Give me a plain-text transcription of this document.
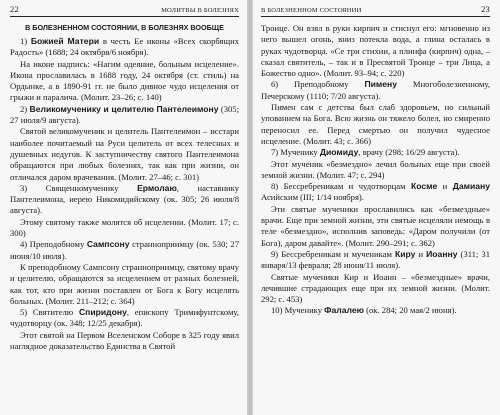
22	МОЛИТВЫ В БОЛЕЗНЯХ
В БОЛЕЗНЕННОМ СОСТОЯНИИ, В БОЛЕЗНЯХ ВООБЩЕ

1) Божией Матери в честь Ее иконы «Всех скорбящих Радость» (1688; 24 октября/6 ноября).

На иконе надпись: «Нагим одеяние, больным исцеление». Икона прославилась в 1688 году, 24 октября (ст. стиль) на Ордынке, а в 1890-91 гг. не было дивное чудо исцеления от грыжи и паралича. (Молит. 23–26; с. 140)

2) Великомученику и целителю Пантелеимону (305; 27 июля/9 августа).

Святой великомученик и целитель Пантелеимон – исстари наиболее почитаемый на Руси целитель от всех телесных и душевных недугов. К заступничеству святого Пантелеимона обращаются при любых болезнях, так как при жизни, он отличался даром врачевания. (Молит. 27–46; с. 301)

3) Священномученику Ермолаю, наставнику Пантелеимона, иерею Никомидийскому (ок. 305; 26 июля/8 августа).

Этому святому также молятся об исцелении. (Молит. 17; с. 300)

4) Преподобному Сампсону странноприимцу (ок. 530; 27 июня/10 июля).

К преподобному Сампсону странноприимцу, святому врачу и целителю, обращаются за исцелением от разных болезней, как тот, кто при жизни поставлен от Бога к Богу исцелять больных. (Молит. 211–212; с. 364)

5) Святителю Спиридону, епископу Тримифунтскому, чудотворцу (ок. 348; 12/25 декабря).

Этот святой на Первом Вселенском Соборе в 325 году явил наглядное доказательство Единства в Святой

В БОЛЕЗНЕННОМ СОСТОЯНИИ	23

Троице. Он взял в руки кирпич и стиснул его: мгновенно из него вышел огонь, вниз потекла вода, а глина осталась в руках чудотворца. «Се три стихии, а плинфа (кирпич) одна, – сказал святитель, – так и в Пресвятой Троице – три Лица, а Божество одно». (Молит. 93–94; с. 220)

6) Преподобному Пимену Многоболезненному, Печерскому (1110; 7/20 августа).

Пимен сам с детства был слаб здоровьем, но сильный упованием на Бога. Всю жизнь он тяжело болел, но смиренно переносил ее. Перед смертью он получил чудесное исцеление. (Молит. 43; с. 366)

7) Мученику Диомиду, врачу (298; 16/29 августа).

Этот мученик «безмездно» лечил больных еще при своей земной жизни. (Молит. 47; с. 294)

8) Бессребреникам и чудотворцам Косме и Дамиану Асийским (III; 1/14 ноября).

Эти святые мученики прославились как «безмездные» врачи. Еще при земной жизни, эти святые исцеляли немощь в теле «безмездно», исполнив заповедь: «Даром получили (от Бога), даром давайте». (Молит. 290–291; с. 362)

9) Бессребреникам и мученикам Киру и Иоанну (311; 31 января/13 февраля; 28 июня/11 июля).

Святые мученики Кир и Иоанн – «безмездные» врачи, лечившие страдающих еще при их земной жизни. (Молит. 292; с. 453)

10) Мученику Фалалею (ок. 284; 20 мая/2 июня).
